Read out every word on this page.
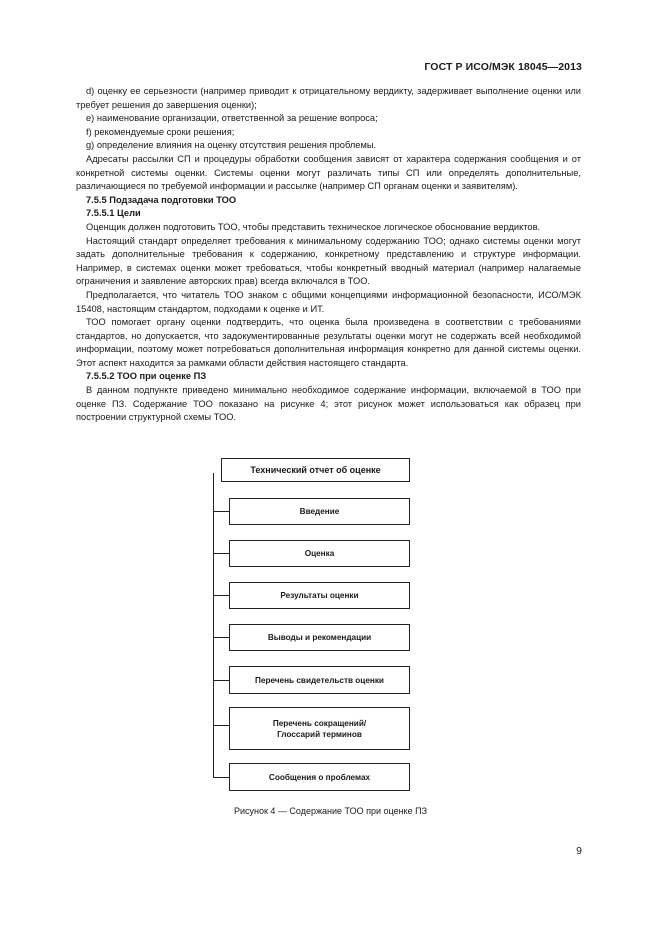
ГОСТ Р ИСО/МЭК 18045—2013

d) оценку ее серьезности (например приводит к отрицательному вердикту, задерживает выполнение оценки или требует решения до завершения оценки);

e) наименование организации, ответственной за решение вопроса;

f) рекомендуемые сроки решения;

g) определение влияния на оценку отсутствия решения проблемы.

Адресаты рассылки СП и процедуры обработки сообщения зависят от характера содержания сообщения и от конкретной системы оценки. Системы оценки могут различать типы СП или определять дополнительные, различающиеся по требуемой информации и рассылке (например СП органам оценки и заявителям).

7.5.5 Подзадача подготовки ТОО

7.5.5.1 Цели

Оценщик должен подготовить ТОО, чтобы представить техническое логическое обоснование вердиктов.

Настоящий стандарт определяет требования к минимальному содержанию ТОО; однако системы оценки могут задать дополнительные требования к содержанию, конкретному представлению и структуре информации. Например, в системах оценки может требоваться, чтобы конкретный вводный материал (например налагаемые ограничения и заявление авторских прав) всегда включался в ТОО.

Предполагается, что читатель ТОО знаком с общими концепциями информационной безопасности, ИСО/МЭК 15408, настоящим стандартом, подходами к оценке и ИТ.

ТОО помогает органу оценки подтвердить, что оценка была произведена в соответствии с требованиями стандартов, но допускается, что задокументированные результаты оценки могут не содержать всей необходимой информации, поэтому может потребоваться дополнительная информация конкретно для данной системы оценки. Этот аспект находится за рамками области действия настоящего стандарта.

7.5.5.2 ТОО при оценке ПЗ

В данном подпункте приведено минимально необходимое содержание информации, включаемой в ТОО при оценке ПЗ. Содержание ТОО показано на рисунке 4; этот рисунок может использоваться как образец при построении структурной схемы ТОО.

Технический отчет об оценке
Введение
Оценка
Результаты оценки
Выводы и рекомендации
Перечень свидетельств оценки
Перечень сокращений/Глоссарий терминов
Сообщения о проблемах
Рисунок 4 — Содержание ТОО при оценке ПЗ
9
